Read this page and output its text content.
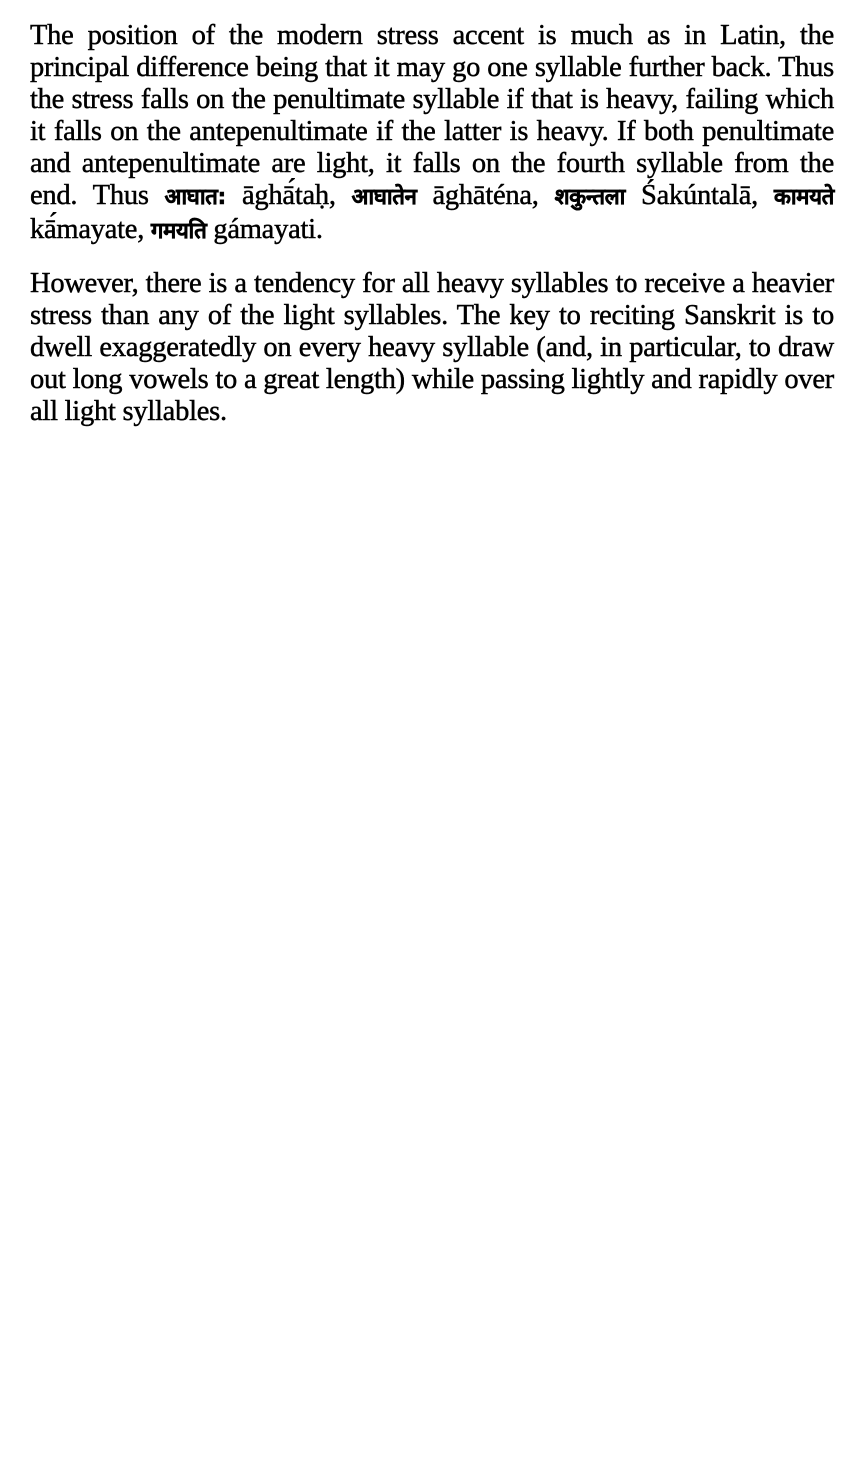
The position of the modern stress accent is much as in Latin, the principal difference being that it may go one syllable further back. Thus the stress falls on the penultimate syllable if that is heavy, failing which it falls on the antepenultimate if the latter is heavy. If both penultimate and antepenultimate are light, it falls on the fourth syllable from the end. Thus आघात: āghā́taḥ, आघातेन āghāténa, शकुन्तला Śakúntalā, कामयते kā́mayate, गमयति gámayati.

However, there is a tendency for all heavy syllables to receive a heavier stress than any of the light syllables. The key to reciting Sanskrit is to dwell exaggeratedly on every heavy syllable (and, in particular, to draw out long vowels to a great length) while passing lightly and rapidly over all light syllables.
